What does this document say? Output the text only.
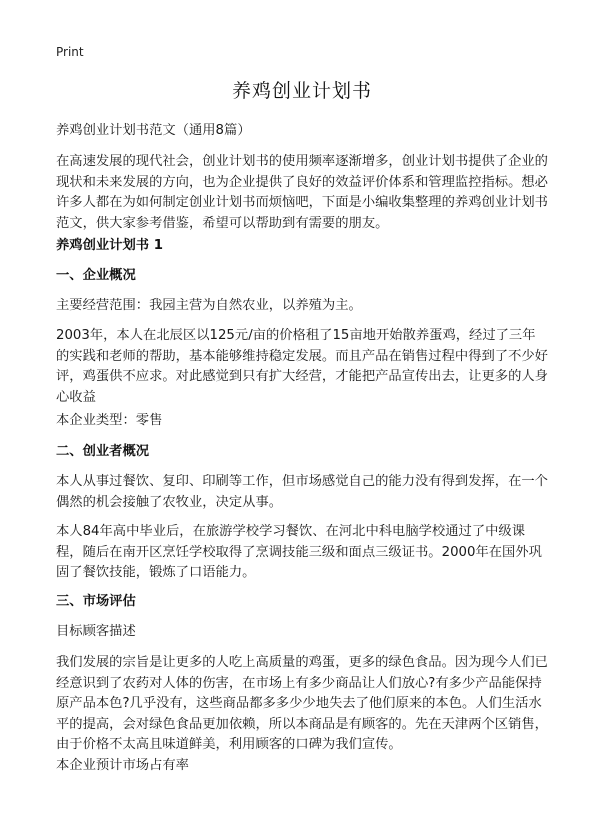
Print
养鸡创业计划书

养鸡创业计划书范文（通用8篇）

在高速发展的现代社会，创业计划书的使用频率逐渐增多，创业计划书提供了企业的现状和未来发展的方向，也为企业提供了良好的效益评价体系和管理监控指标。想必许多人都在为如何制定创业计划书而烦恼吧，下面是小编收集整理的养鸡创业计划书范文，供大家参考借鉴，希望可以帮助到有需要的朋友。

养鸡创业计划书 1

一、企业概况

主要经营范围：我园主营为自然农业，以养殖为主。

2003年，本人在北辰区以125元/亩的价格租了15亩地开始散养蛋鸡，经过了三年的实践和老师的帮助，基本能够维持稳定发展。而且产品在销售过程中得到了不少好评，鸡蛋供不应求。对此感觉到只有扩大经营，才能把产品宣传出去，让更多的人身心收益

本企业类型：零售

二、创业者概况

本人从事过餐饮、复印、印刷等工作，但市场感觉自己的能力没有得到发挥，在一个偶然的机会接触了农牧业，决定从事。

本人84年高中毕业后，在旅游学校学习餐饮、在河北中科电脑学校通过了中级课程，随后在南开区烹饪学校取得了烹调技能三级和面点三级证书。2000年在国外巩固了餐饮技能，锻炼了口语能力。

三、市场评估

目标顾客描述

我们发展的宗旨是让更多的人吃上高质量的鸡蛋，更多的绿色食品。因为现今人们已经意识到了农药对人体的伤害，在市场上有多少商品让人们放心?有多少产品能保持原产品本色?几乎没有，这些商品都多多少少地失去了他们原来的本色。人们生活水平的提高，会对绿色食品更加依赖，所以本商品是有顾客的。先在天津两个区销售，由于价格不太高且味道鲜美，利用顾客的口碑为我们宣传。

本企业预计市场占有率
